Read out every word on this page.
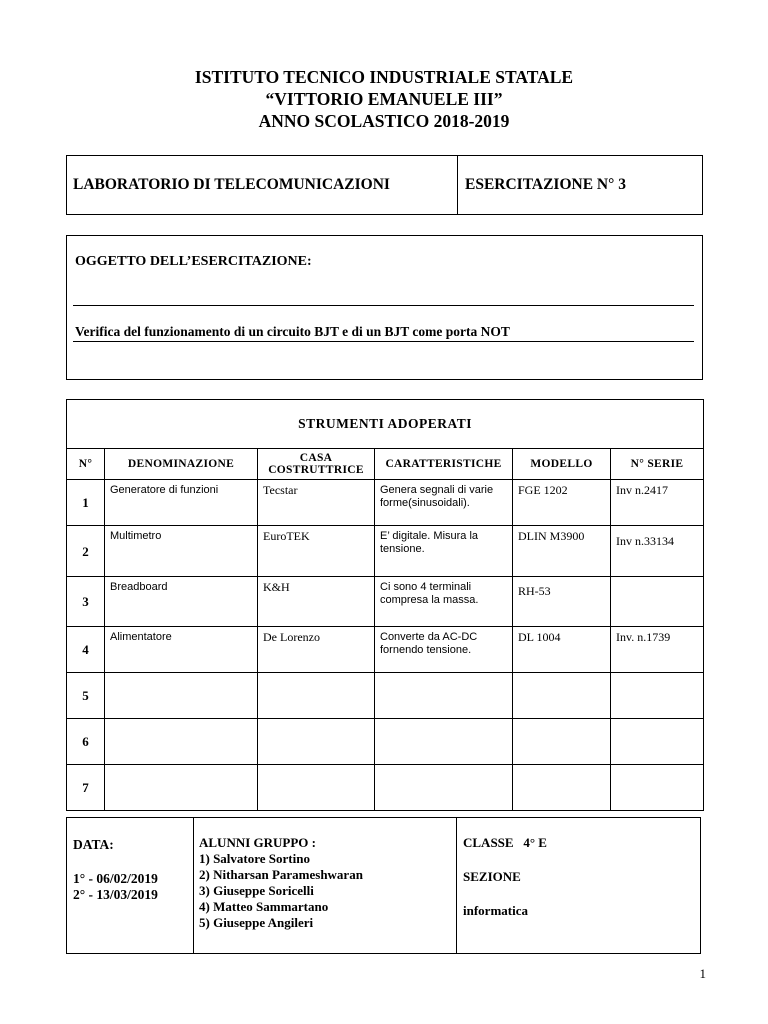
ISTITUTO TECNICO INDUSTRIALE STATALE
“VITTORIO EMANUELE III”
ANNO SCOLASTICO 2018-2019
LABORATORIO DI TELECOMUNICAZIONI	ESERCITAZIONE N° 3
OGGETTO DELL’ESERCITAZIONE:
Verifica del funzionamento di un circuito BJT e di un BJT come porta NOT
STRUMENTI ADOPERATI					
N°	DENOMINAZIONE	CASA COSTRUTTRICE	CARATTERISTICHE	MODELLO	N° SERIE
1	Generatore di funzioni	Tecstar	Genera segnali di varie forme(sinusoidali).	FGE 1202	Inv n.2417
2	Multimetro	EuroTEK	E’ digitale. Misura la tensione.	DLIN M3900	Inv n.33134
3	Breadboard	K&H	Ci sono 4 terminali compresa la massa.	RH-53	
4	Alimentatore	De Lorenzo	Converte da AC-DC fornendo tensione.	DL 1004	Inv. n.1739
5					
6					
7					
DATA:
1° - 06/02/2019
2° - 13/03/2019
ALUNNI GRUPPO :
1) Salvatore Sortino
2) Nitharsan Parameshwaran
3) Giuseppe Soricelli
4) Matteo Sammartano
5) Giuseppe Angileri
CLASSE   4° E
SEZIONE
informatica
1
